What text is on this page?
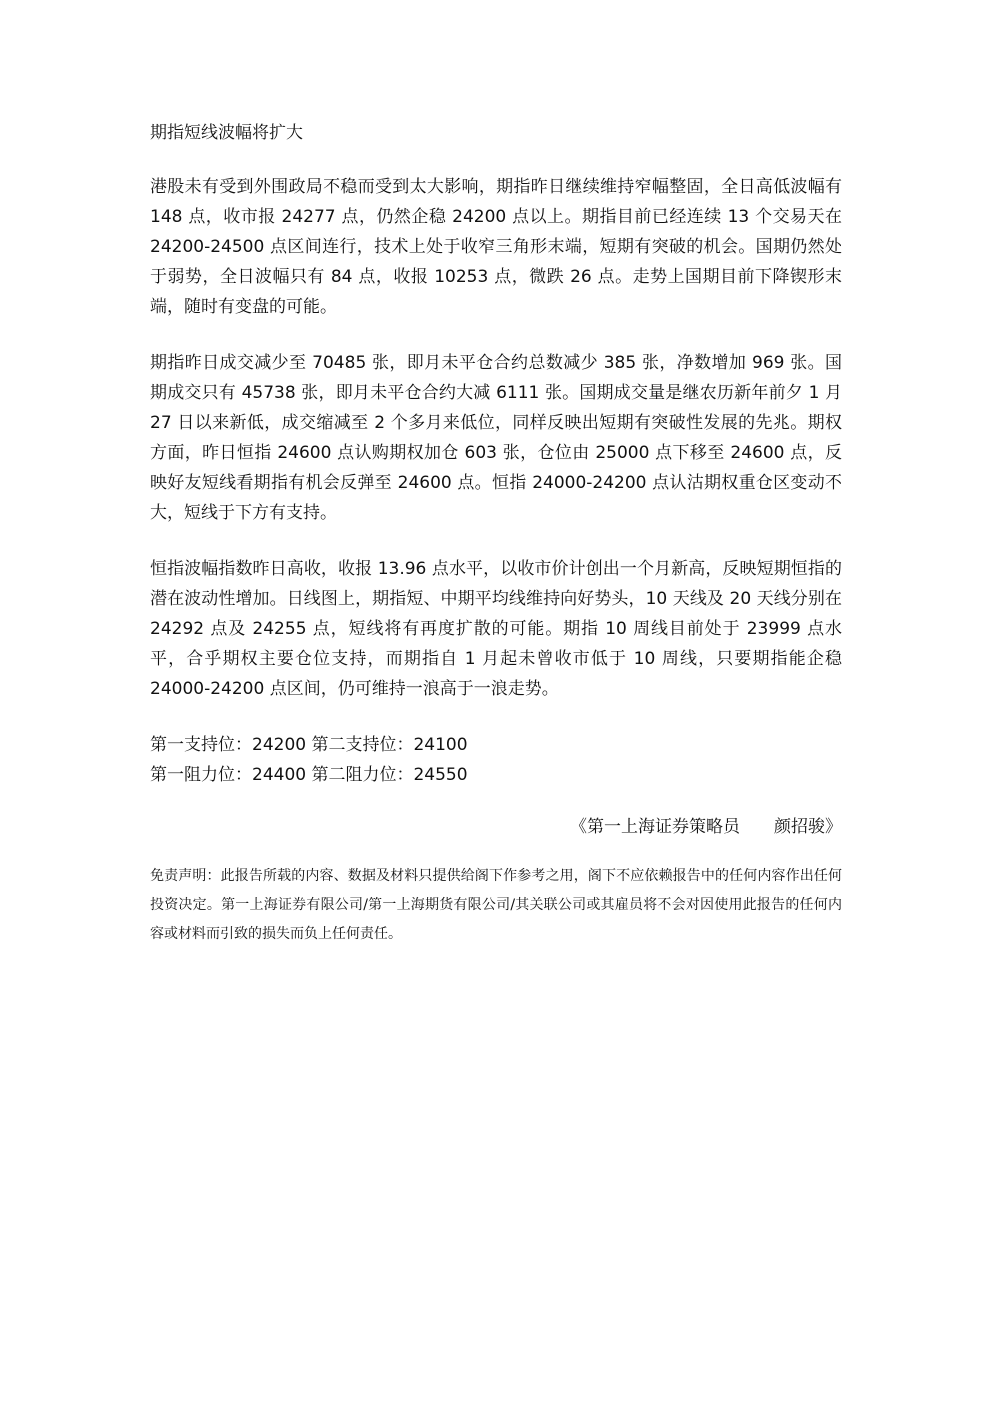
期指短线波幅将扩大

港股未有受到外围政局不稳而受到太大影响，期指昨日继续维持窄幅整固，全日高低波幅有 148 点，收市报 24277 点，仍然企稳 24200 点以上。期指目前已经连续 13 个交易天在 24200-24500 点区间连行，技术上处于收窄三角形末端，短期有突破的机会。国期仍然处于弱势，全日波幅只有 84 点，收报 10253 点，微跌 26 点。走势上国期目前下降锲形末端，随时有变盘的可能。

期指昨日成交减少至 70485 张，即月未平仓合约总数减少 385 张，净数增加 969 张。国期成交只有 45738 张，即月未平仓合约大减 6111 张。国期成交量是继农历新年前夕 1 月 27 日以来新低，成交缩减至 2 个多月来低位，同样反映出短期有突破性发展的先兆。期权方面，昨日恒指 24600 点认购期权加仓 603 张，仓位由 25000 点下移至 24600 点，反映好友短线看期指有机会反弹至 24600 点。恒指 24000-24200 点认沽期权重仓区变动不大，短线于下方有支持。

恒指波幅指数昨日高收，收报 13.96 点水平，以收市价计创出一个月新高，反映短期恒指的潜在波动性增加。日线图上，期指短、中期平均线维持向好势头，10 天线及 20 天线分别在 24292 点及 24255 点，短线将有再度扩散的可能。期指 10 周线目前处于 23999 点水平，合乎期权主要仓位支持，而期指自 1 月起未曾收市低于 10 周线，只要期指能企稳 24000-24200 点区间，仍可维持一浪高于一浪走势。

第一支持位：24200 第二支持位：24100
第一阻力位：24400 第二阻力位：24550
《第一上海证券策略员　　颜招骏》

免责声明：此报告所载的内容、数据及材料只提供给阁下作参考之用，阁下不应依赖报告中的任何内容作出任何投资决定。第一上海证券有限公司/第一上海期货有限公司/其关联公司或其雇员将不会对因使用此报告的任何内容或材料而引致的损失而负上任何责任。
